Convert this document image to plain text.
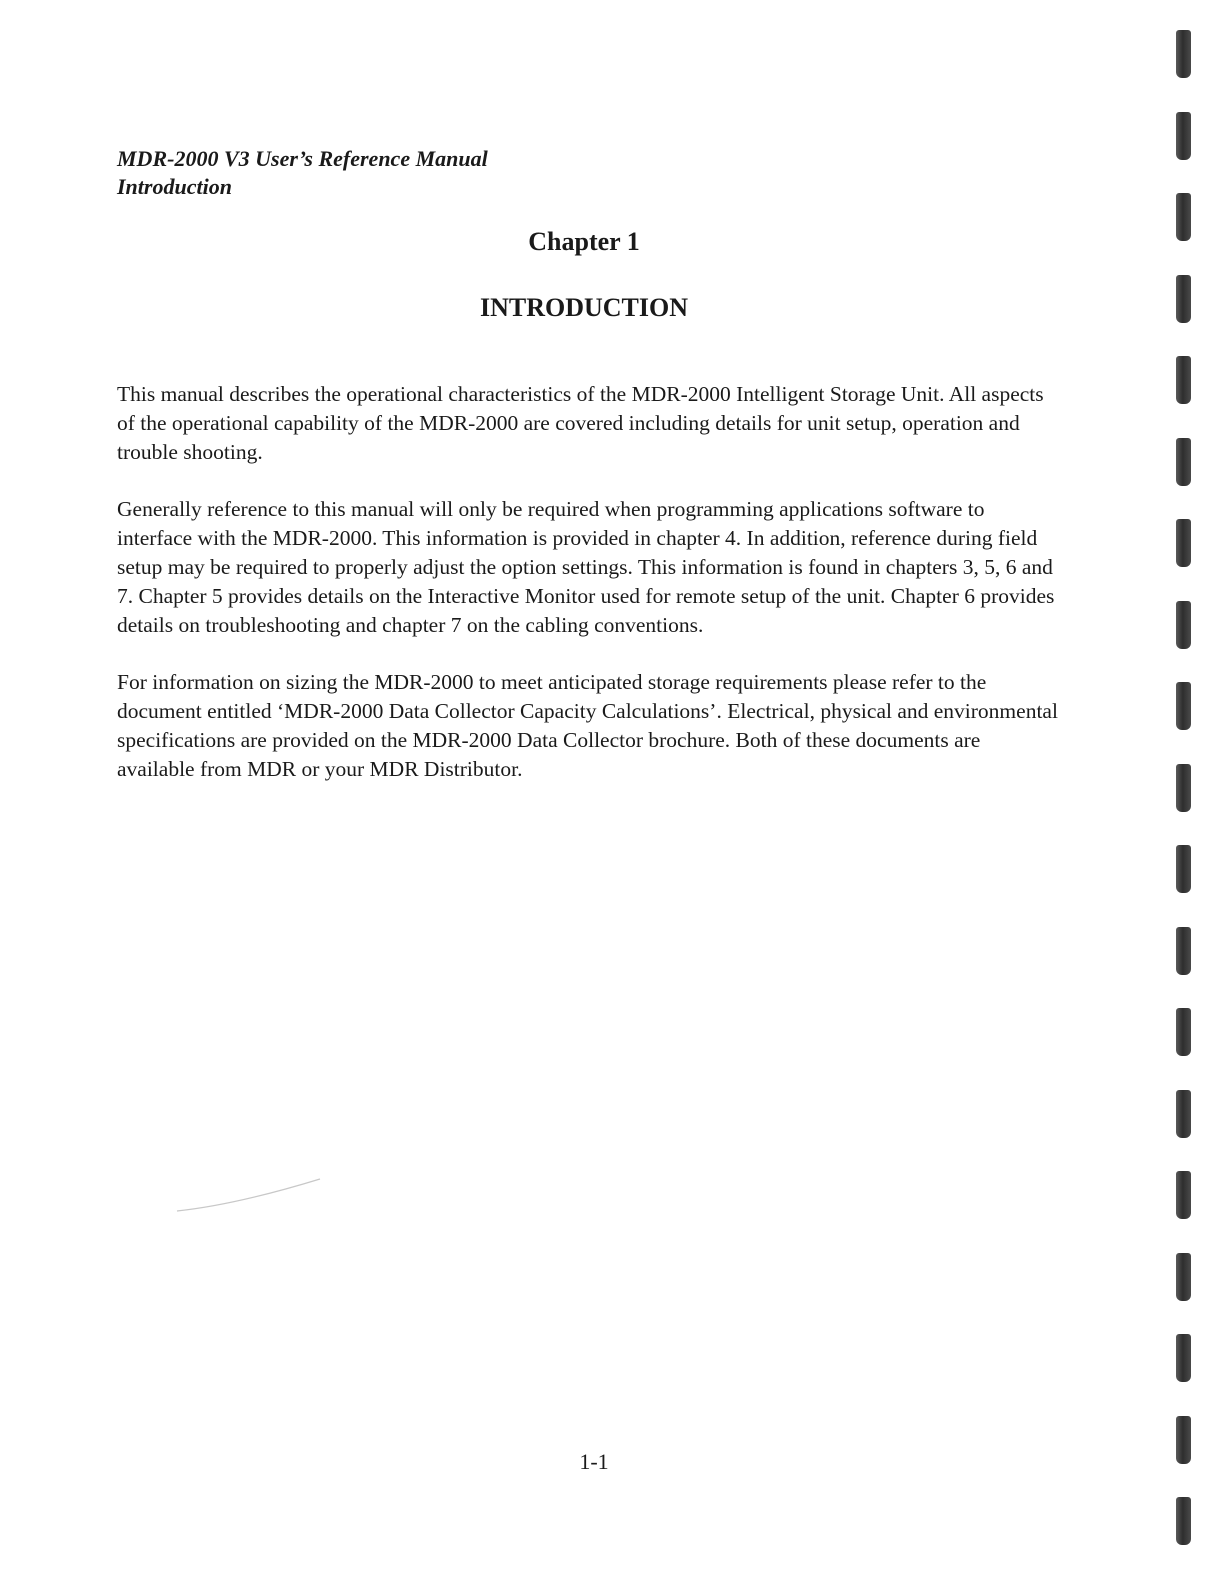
MDR-2000 V3 User’s Reference Manual
Introduction
Chapter 1
INTRODUCTION

This manual describes the operational characteristics of the MDR-2000 Intelligent Storage Unit. All aspects of the operational capability of the MDR-2000 are covered including details for unit setup, operation and trouble shooting.

Generally reference to this manual will only be required when programming applications software to interface with the MDR-2000. This information is provided in chapter 4. In addition, reference during field setup may be required to properly adjust the option settings. This information is found in chapters 3, 5, 6 and 7. Chapter 5 provides details on the Interactive Monitor used for remote setup of the unit. Chapter 6 provides details on troubleshooting and chapter 7 on the cabling conventions.

For information on sizing the MDR-2000 to meet anticipated storage requirements please refer to the document entitled ‘MDR-2000 Data Collector Capacity Calculations’. Electrical, physical and environmental specifications are provided on the MDR-2000 Data Collector brochure. Both of these documents are available from MDR or your MDR Distributor.

1-1
